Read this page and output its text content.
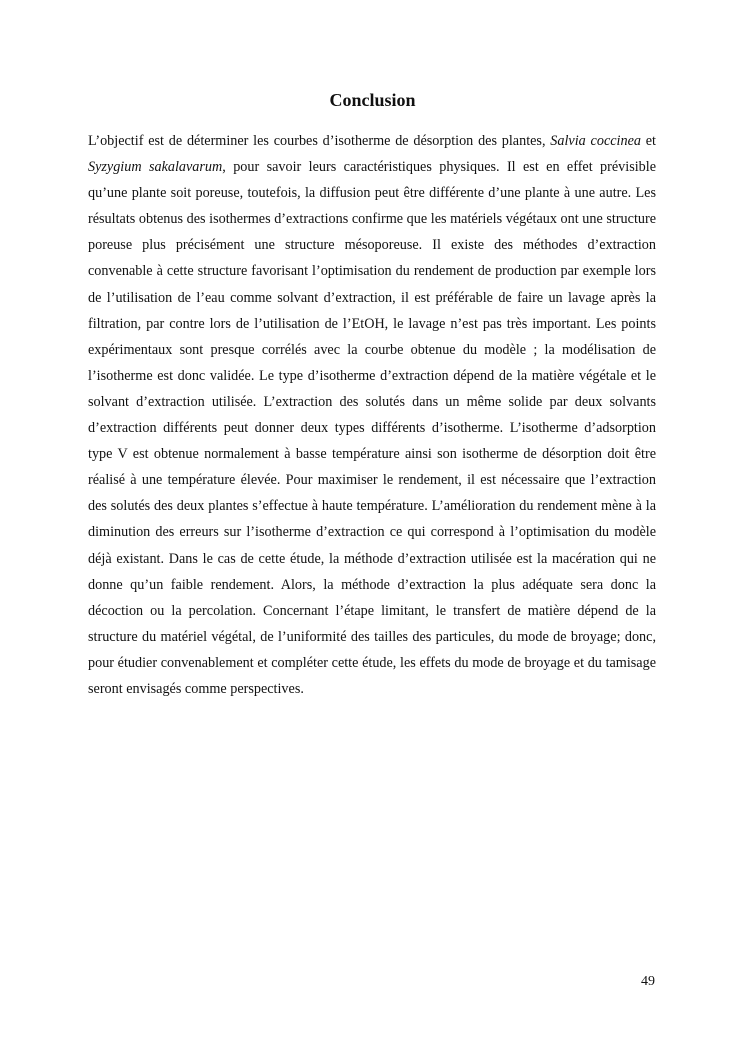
Conclusion

L’objectif est de déterminer les courbes d’isotherme de désorption des plantes, Salvia coccinea et Syzygium sakalavarum, pour savoir leurs caractéristiques physiques. Il est en effet prévisible qu’une plante soit poreuse, toutefois, la diffusion peut être différente d’une plante à une autre. Les résultats obtenus des isothermes d’extractions confirme que les matériels végétaux ont une structure poreuse plus précisément une structure mésoporeuse. Il existe des méthodes d’extraction convenable à cette structure favorisant l’optimisation du rendement de production par exemple lors de l’utilisation de l’eau comme solvant d’extraction, il est préférable de faire un lavage après la filtration, par contre lors de l’utilisation de l’EtOH, le lavage n’est pas très important. Les points expérimentaux sont presque corrélés avec la courbe obtenue du modèle ; la modélisation de l’isotherme est donc validée. Le type d’isotherme d’extraction dépend de la matière végétale et le solvant d’extraction utilisée. L’extraction des solutés dans un même solide par deux solvants d’extraction différents peut donner deux types différents d’isotherme. L’isotherme d’adsorption type V est obtenue normalement à basse température ainsi son isotherme de désorption doit être réalisé à une température élevée. Pour maximiser le rendement, il est nécessaire que l’extraction des solutés des deux plantes s’effectue à haute température. L’amélioration du rendement mène à la diminution des erreurs sur l’isotherme d’extraction ce qui correspond à l’optimisation du modèle déjà existant. Dans le cas de cette étude, la méthode d’extraction utilisée est la macération qui ne donne qu’un faible rendement. Alors, la méthode d’extraction la plus adéquate sera donc la décoction ou la percolation. Concernant l’étape limitant, le transfert de matière dépend de la structure du matériel végétal, de l’uniformité des tailles des particules, du mode de broyage; donc, pour étudier convenablement et compléter cette étude, les effets du mode de broyage et du tamisage seront envisagés comme perspectives.

49
